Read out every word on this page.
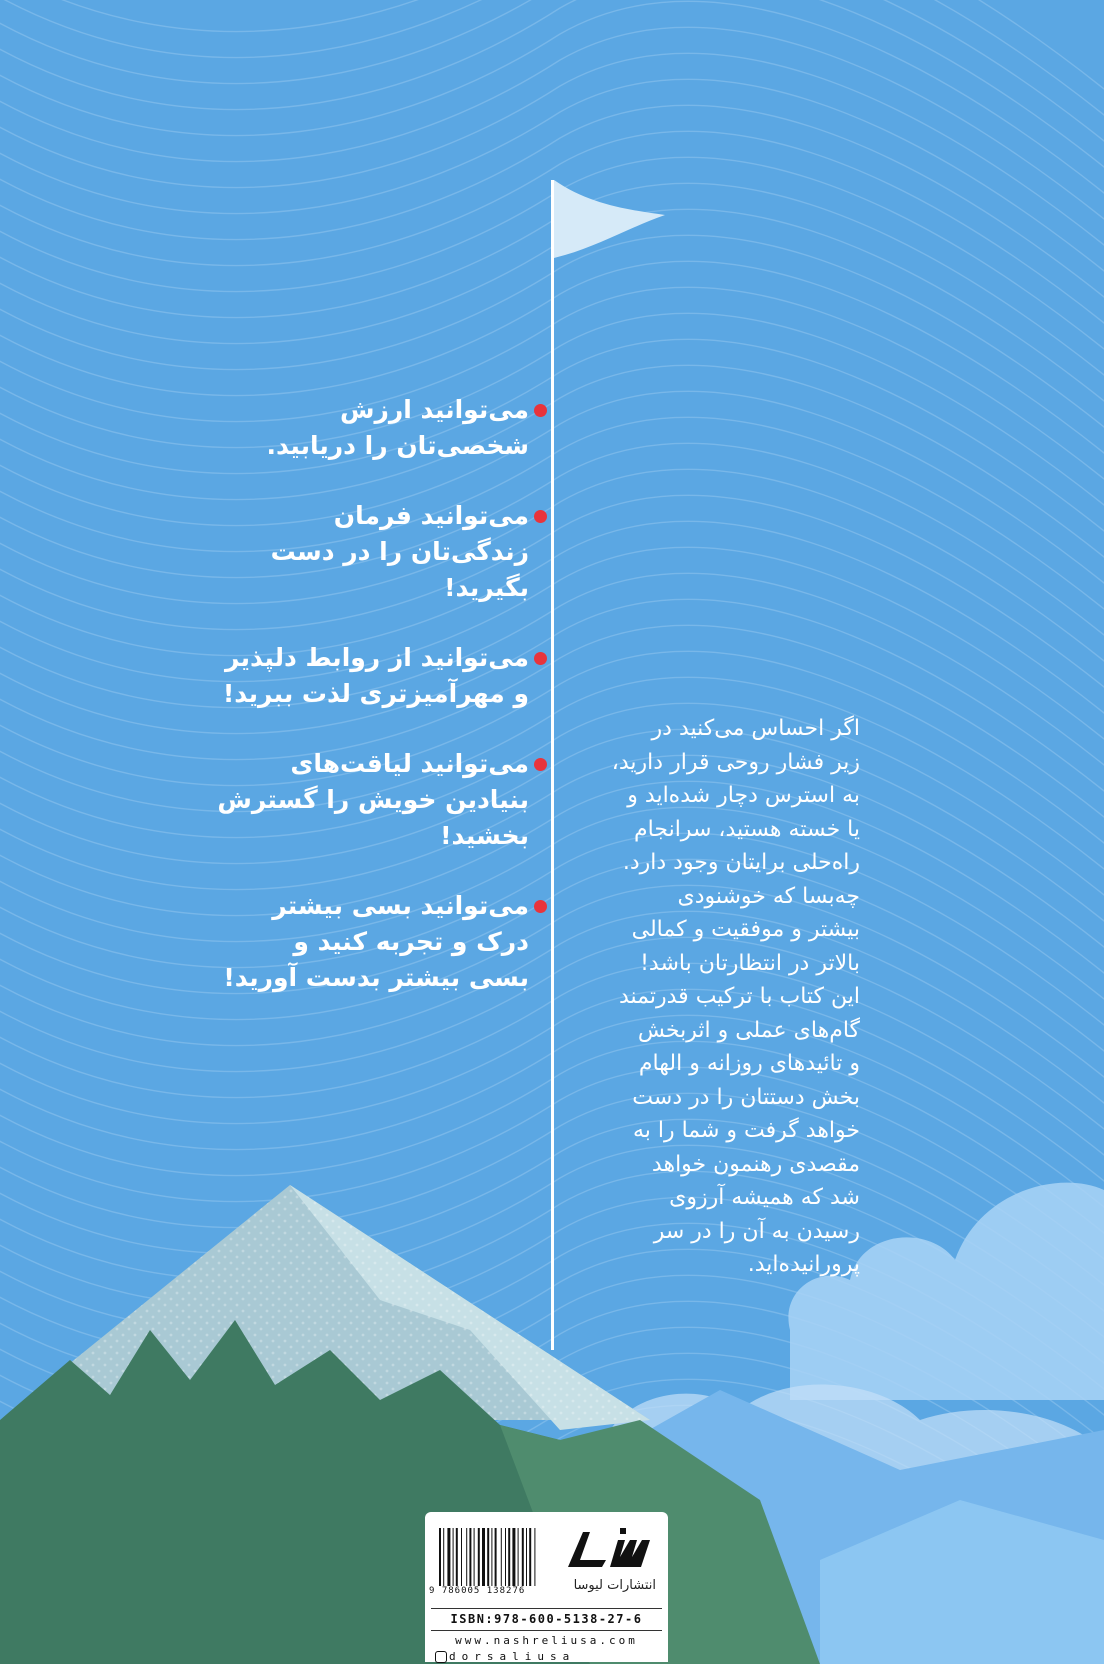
می‌توانید ارزش
شخصی‌تان را دریابید.
می‌توانید فرمان
زندگی‌تان را در دست
بگیرید!
می‌توانید از روابط دلپذیر
و مهرآمیزتری لذت ببرید!
می‌توانید لیاقت‌های
بنیادین خویش را گسترش
بخشید!
می‌توانید بسی بیشتر
درک و تجربه کنید و
بسی بیشتر بدست آورید!
اگر احساس می‌کنید در
زیر فشار روحی قرار دارید،
به استرس دچار شده‌اید و
یا خسته هستید، سرانجام
راه‌حلی برایتان وجود دارد.
چه‌بسا که خوشنودی
بیشتر و موفقیت و کمالی
بالاتر در انتظارتان باشد!
این کتاب با ترکیب قدرتمند
گام‌های عملی و اثربخش
و تائیدهای روزانه و الهام
بخش دستتان را در دست
خواهد گرفت و شما را به
مقصدی رهنمون خواهد
شد که همیشه آرزوی
رسیدن به آن را در سر
پرورانیده‌اید.
9 786005 138276	انتشارات لیوسا
ISBN:978-600-5138-27-6
www.nashreliusa.com
dorsaliusa
